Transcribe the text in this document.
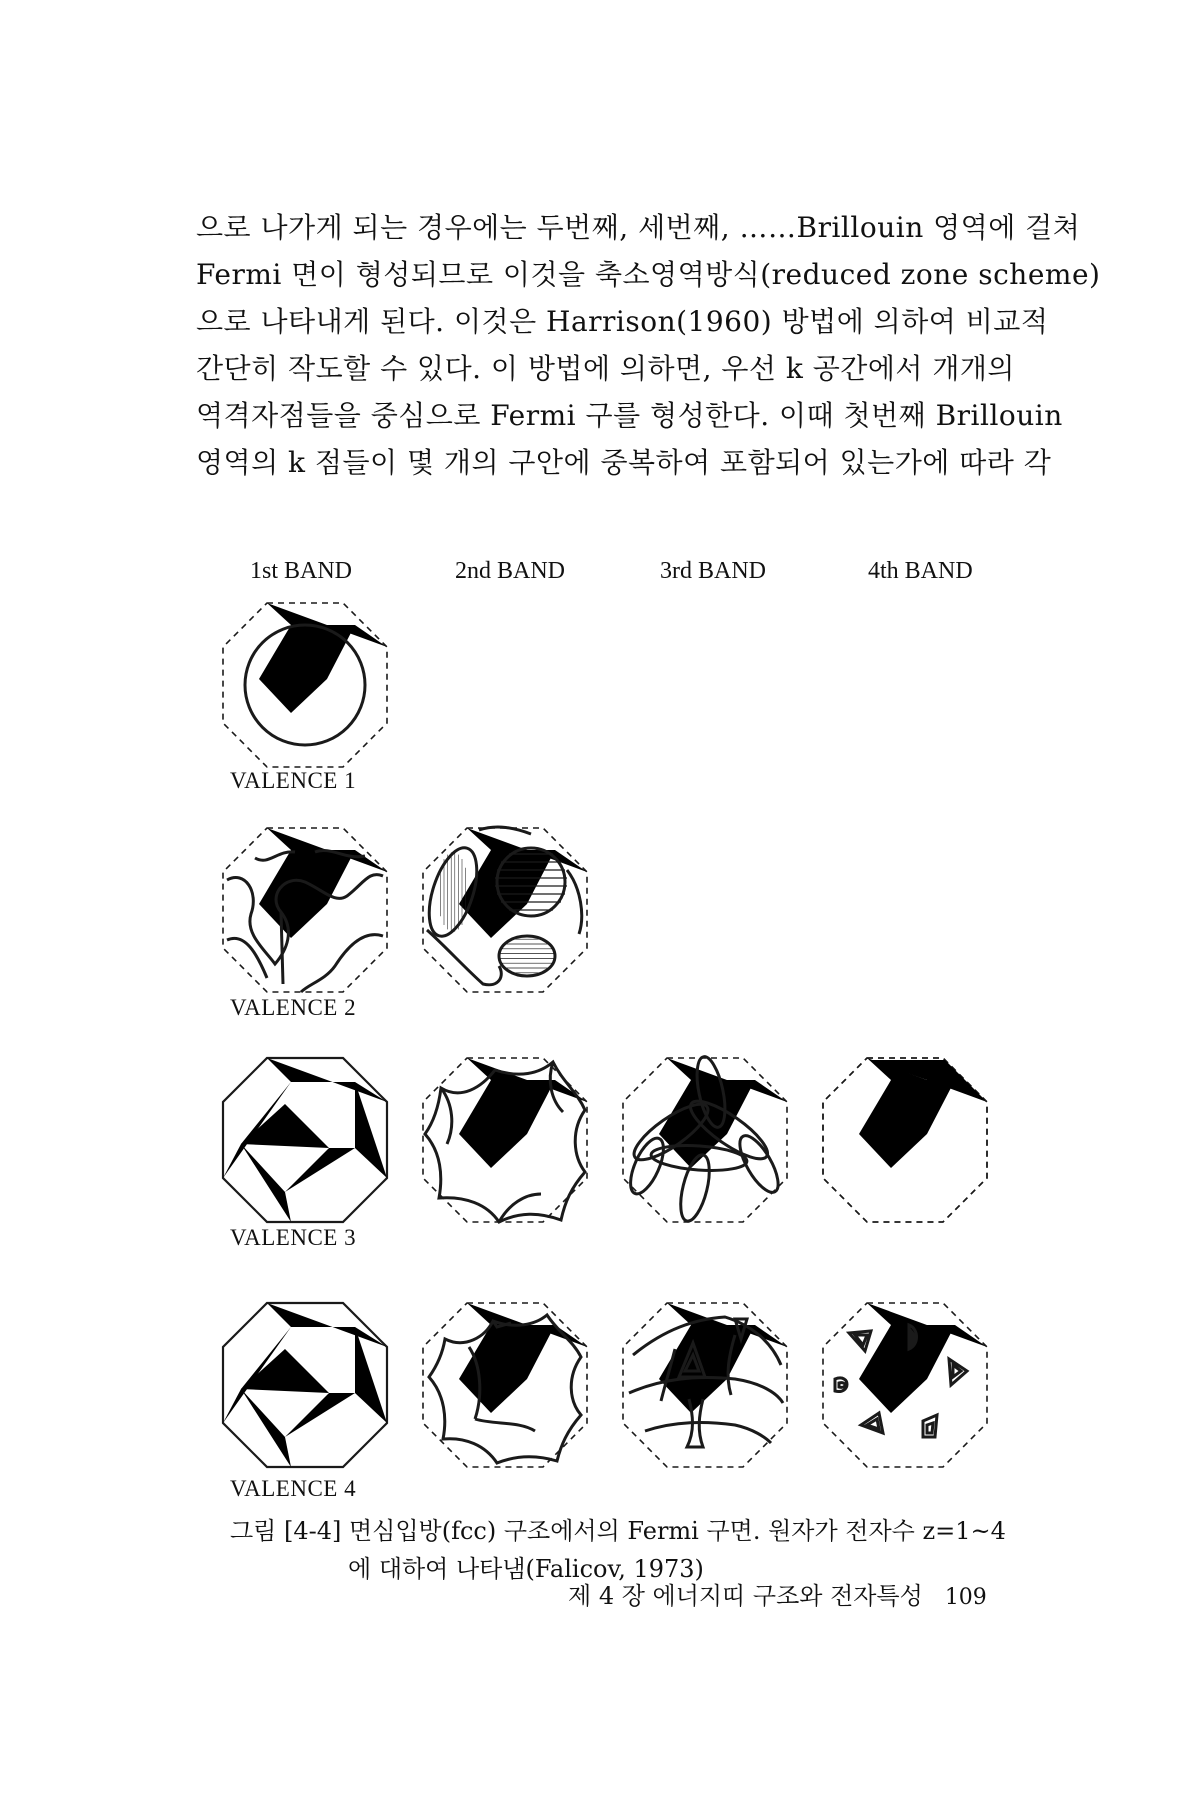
으로 나가게 되는 경우에는 두번째, 세번째, ……Brillouin 영역에 걸쳐
Fermi 면이 형성되므로 이것을 축소영역방식(reduced zone scheme)
으로 나타내게 된다. 이것은 Harrison(1960) 방법에 의하여 비교적
간단히 작도할 수 있다. 이 방법에 의하면, 우선 k 공간에서 개개의
역격자점들을 중심으로 Fermi 구를 형성한다. 이때 첫번째 Brillouin
영역의 k 점들이 몇 개의 구안에 중복하여 포함되어 있는가에 따라 각
1st BAND	2nd BAND	3rd BAND	4th BAND
VALENCE 1
VALENCE 2
VALENCE 3
VALENCE 4
그림 [4-4] 면심입방(fcc) 구조에서의 Fermi 구면. 원자가 전자수 z=1~4
에 대하여 나타냄(Falicov, 1973)
제 4 장 에너지띠 구조와 전자특성 109
